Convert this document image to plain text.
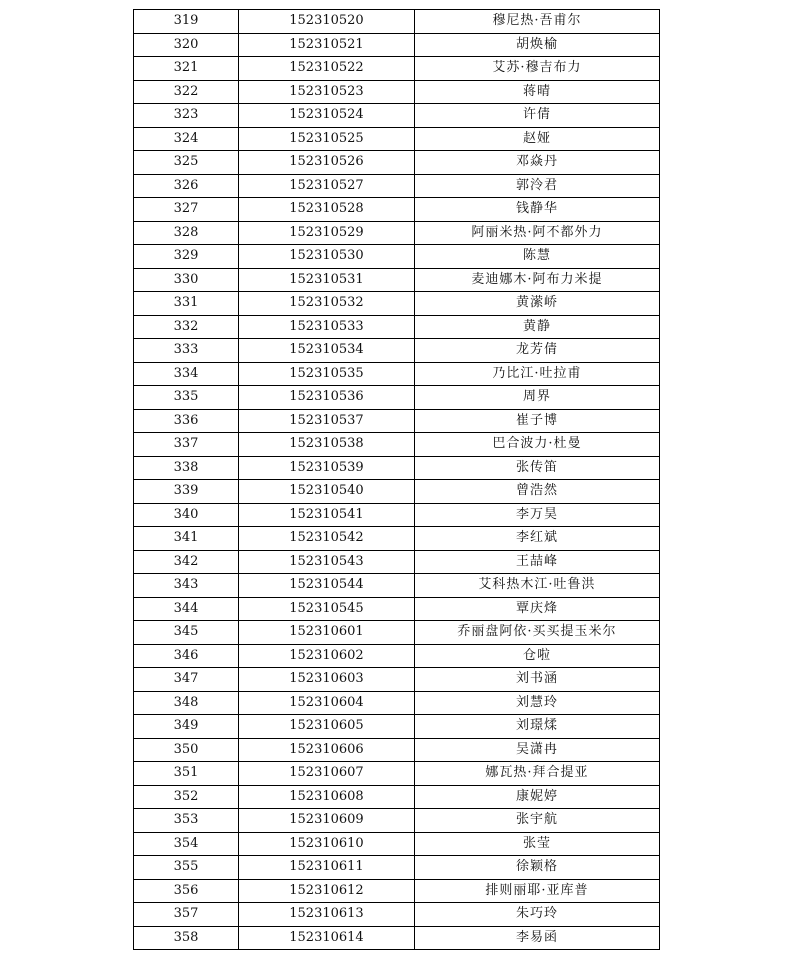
319	152310520	穆尼热·吾甫尔
320	152310521	胡焕榆
321	152310522	艾苏·穆吉布力
322	152310523	蒋晴
323	152310524	许倩
324	152310525	赵娅
325	152310526	邓焱丹
326	152310527	郭泠君
327	152310528	钱静华
328	152310529	阿丽米热·阿不都外力
329	152310530	陈慧
330	152310531	麦迪娜木·阿布力米提
331	152310532	黄潆峤
332	152310533	黄静
333	152310534	龙芳倩
334	152310535	乃比江·吐拉甫
335	152310536	周界
336	152310537	崔子博
337	152310538	巴合波力·杜曼
338	152310539	张传笛
339	152310540	曾浩然
340	152310541	李万昊
341	152310542	李红斌
342	152310543	王喆峰
343	152310544	艾科热木江·吐鲁洪
344	152310545	覃庆烽
345	152310601	乔丽盘阿依·买买提玉米尔
346	152310602	仓啦
347	152310603	刘书涵
348	152310604	刘慧玲
349	152310605	刘璟煣
350	152310606	吴潇冉
351	152310607	娜瓦热·拜合提亚
352	152310608	康妮婷
353	152310609	张宇航
354	152310610	张莹
355	152310611	徐颖格
356	152310612	排则丽耶·亚库普
357	152310613	朱巧玲
358	152310614	李易函
